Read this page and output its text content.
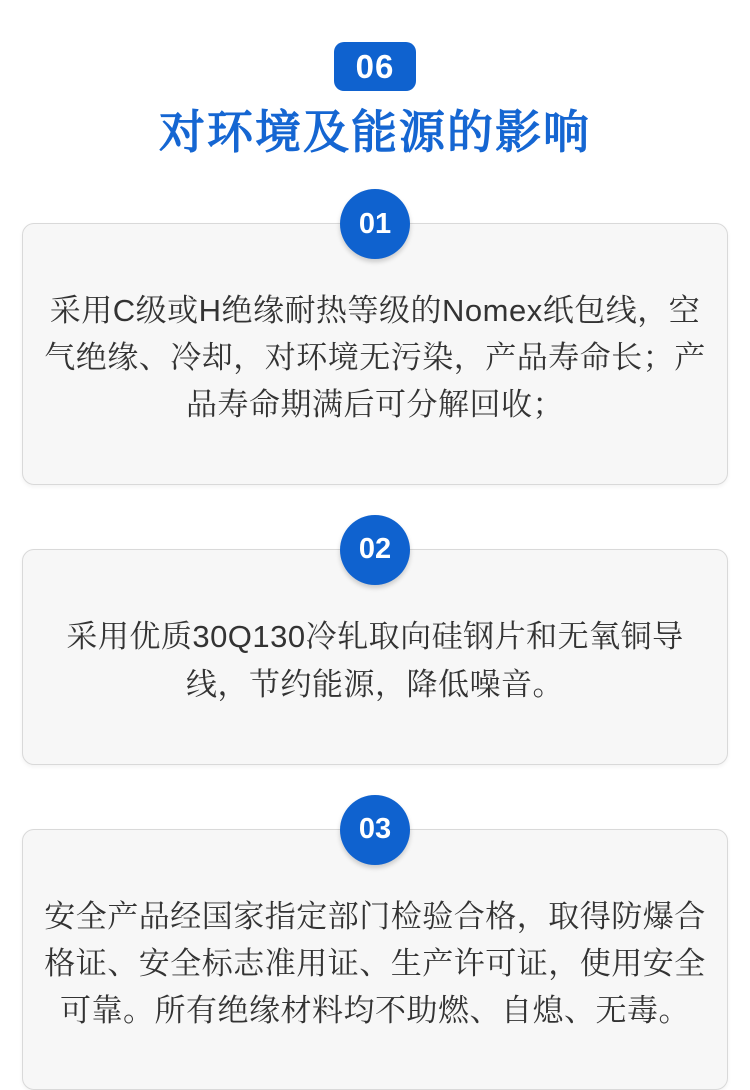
06
对环境及能源的影响
01

采用C级或H绝缘耐热等级的Nomex纸包线，空气绝缘、冷却，对环境无污染，产品寿命长；产品寿命期满后可分解回收；

02

采用优质30Q130冷轧取向硅钢片和无氧铜导线，节约能源，降低噪音。

03

安全产品经国家指定部门检验合格，取得防爆合格证、安全标志准用证、生产许可证，使用安全可靠。所有绝缘材料均不助燃、自熄、无毒。
